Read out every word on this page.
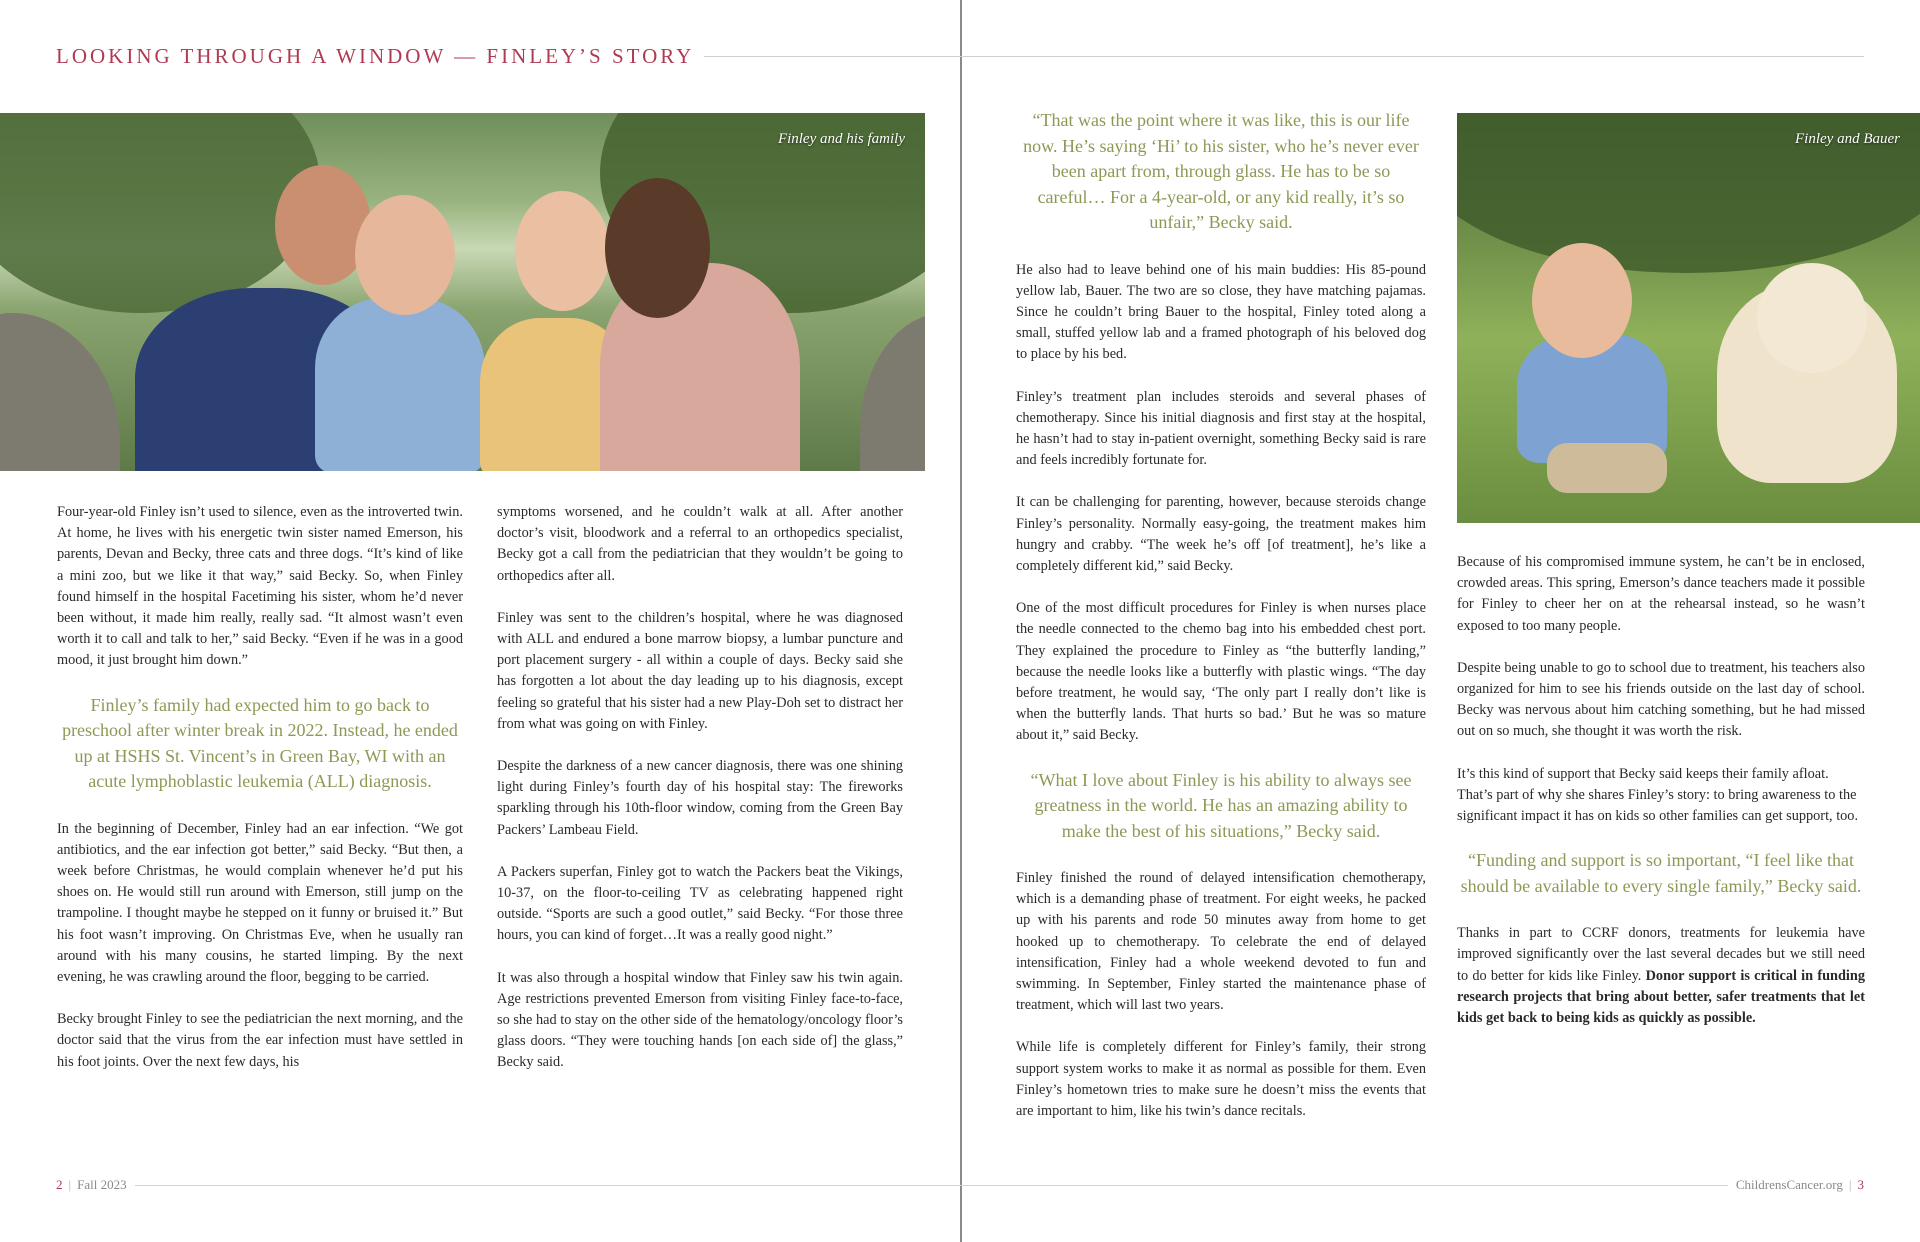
LOOKING THROUGH A WINDOW — FINLEY’S STORY
Finley and his family	Finley and Bauer

Four-year-old Finley isn’t used to silence, even as the introverted twin. At home, he lives with his energetic twin sister named Emerson, his parents, Devan and Becky, three cats and three dogs. “It’s kind of like a mini zoo, but we like it that way,” said Becky. So, when Finley found himself in the hospital Facetiming his sister, whom he’d never been without, it made him really, really sad. “It almost wasn’t even worth it to call and talk to her,” said Becky. “Even if he was in a good mood, it just brought him down.”

Finley’s family had expected him to go back to preschool after winter break in 2022. Instead, he ended up at HSHS St. Vincent’s in Green Bay, WI with an acute lymphoblastic leukemia (ALL) diagnosis.

In the beginning of December, Finley had an ear infection. “We got antibiotics, and the ear infection got better,” said Becky. “But then, a week before Christmas, he would complain whenever he’d put his shoes on. He would still run around with Emerson, still jump on the trampoline. I thought maybe he stepped on it funny or bruised it.” But his foot wasn’t improving. On Christmas Eve, when he usually ran around with his many cousins, he started limping. By the next evening, he was crawling around the floor, begging to be carried.

Becky brought Finley to see the pediatrician the next morning, and the doctor said that the virus from the ear infection must have settled in his foot joints. Over the next few days, his

symptoms worsened, and he couldn’t walk at all. After another doctor’s visit, bloodwork and a referral to an orthopedics specialist, Becky got a call from the pediatrician that they wouldn’t be going to orthopedics after all.

Finley was sent to the children’s hospital, where he was diagnosed with ALL and endured a bone marrow biopsy, a lumbar puncture and port placement surgery - all within a couple of days. Becky said she has forgotten a lot about the day leading up to his diagnosis, except feeling so grateful that his sister had a new Play-Doh set to distract her from what was going on with Finley.

Despite the darkness of a new cancer diagnosis, there was one shining light during Finley’s fourth day of his hospital stay: The fireworks sparkling through his 10th-floor window, coming from the Green Bay Packers’ Lambeau Field.

A Packers superfan, Finley got to watch the Packers beat the Vikings, 10-37, on the floor-to-ceiling TV as celebrating happened right outside. “Sports are such a good outlet,” said Becky. “For those three hours, you can kind of forget…It was a really good night.”

It was also through a hospital window that Finley saw his twin again. Age restrictions prevented Emerson from visiting Finley face-to-face, so she had to stay on the other side of the hematology/oncology floor’s glass doors. “They were touching hands [on each side of] the glass,” Becky said.

“That was the point where it was like, this is our life now. He’s saying ‘Hi’ to his sister, who he’s never ever been apart from, through glass. He has to be so careful… For a 4-year-old, or any kid really, it’s so unfair,” Becky said.

He also had to leave behind one of his main buddies: His 85-pound yellow lab, Bauer. The two are so close, they have matching pajamas. Since he couldn’t bring Bauer to the hospital, Finley toted along a small, stuffed yellow lab and a framed photograph of his beloved dog to place by his bed.

Finley’s treatment plan includes steroids and several phases of chemotherapy. Since his initial diagnosis and first stay at the hospital, he hasn’t had to stay in-patient overnight, something Becky said is rare and feels incredibly fortunate for.

It can be challenging for parenting, however, because steroids change Finley’s personality. Normally easy-going, the treatment makes him hungry and crabby. “The week he’s off [of treatment], he’s like a completely different kid,” said Becky.

One of the most difficult procedures for Finley is when nurses place the needle connected to the chemo bag into his embedded chest port. They explained the procedure to Finley as “the butterfly landing,” because the needle looks like a butterfly with plastic wings. “The day before treatment, he would say, ‘The only part I really don’t like is when the butterfly lands. That hurts so bad.’ But he was so mature about it,” said Becky.

“What I love about Finley is his ability to always see greatness in the world. He has an amazing ability to make the best of his situations,” Becky said.

Finley finished the round of delayed intensification chemotherapy, which is a demanding phase of treatment. For eight weeks, he packed up with his parents and rode 50 minutes away from home to get hooked up to chemotherapy. To celebrate the end of delayed intensification, Finley had a whole weekend devoted to fun and swimming. In September, Finley started the maintenance phase of treatment, which will last two years.

While life is completely different for Finley’s family, their strong support system works to make it as normal as possible for them. Even Finley’s hometown tries to make sure he doesn’t miss the events that are important to him, like his twin’s dance recitals.

Because of his compromised immune system, he can’t be in enclosed, crowded areas. This spring, Emerson’s dance teachers made it possible for Finley to cheer her on at the rehearsal instead, so he wasn’t exposed to too many people.

Despite being unable to go to school due to treatment, his teachers also organized for him to see his friends outside on the last day of school. Becky was nervous about him catching something, but he had missed out on so much, she thought it was worth the risk.

It’s this kind of support that Becky said keeps their family afloat. That’s part of why she shares Finley’s story: to bring awareness to the significant impact it has on kids so other families can get support, too.

“Funding and support is so important, “I feel like that should be available to every single family,” Becky said.

Thanks in part to CCRF donors, treatments for leukemia have improved significantly over the last several decades but we still need to do better for kids like Finley. Donor support is critical in funding research projects that bring about better, safer treatments that let kids get back to being kids as quickly as possible.

2 | Fall 2023	ChildrensCancer.org | 3
